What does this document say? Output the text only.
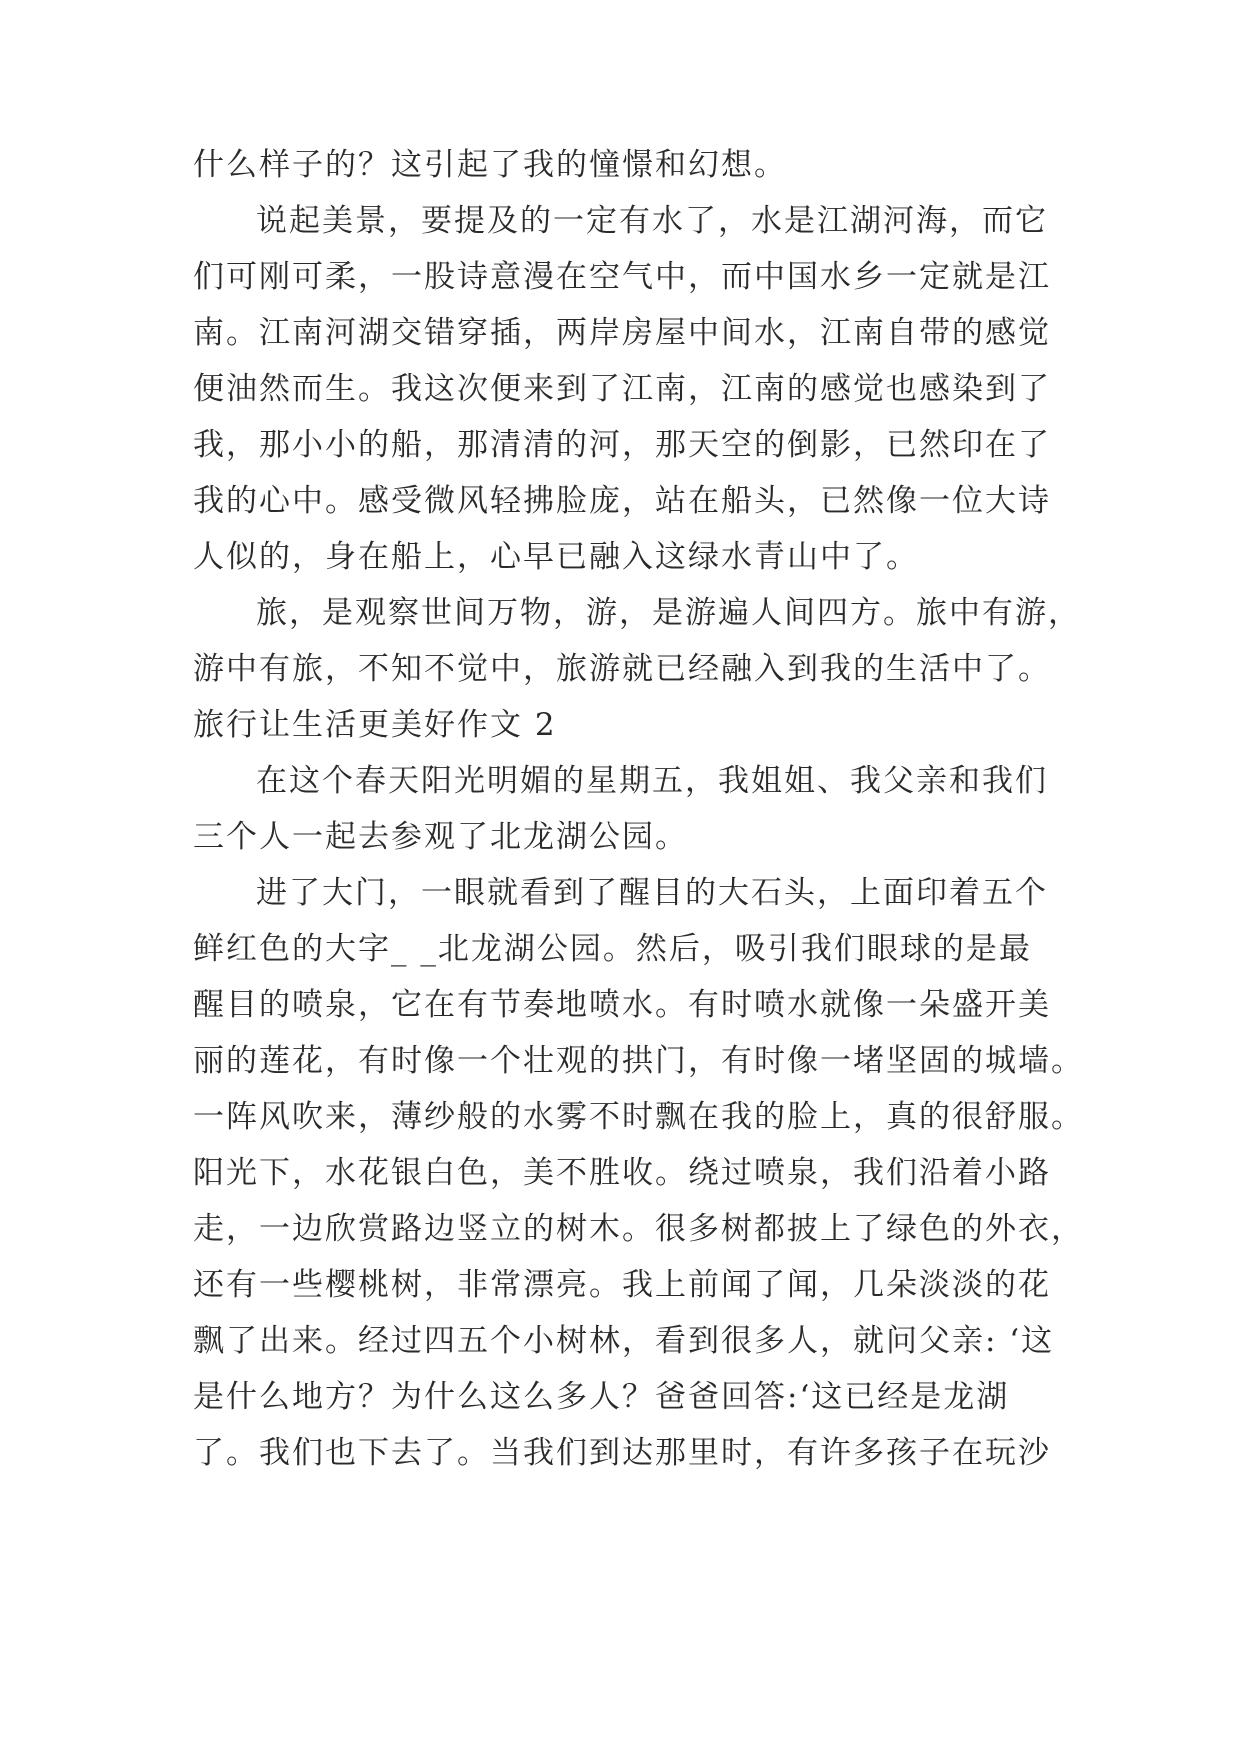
什么样子的？这引起了我的憧憬和幻想。
说起美景，要提及的一定有水了，水是江湖河海，而它
们可刚可柔，一股诗意漫在空气中，而中国水乡一定就是江
南。江南河湖交错穿插，两岸房屋中间水，江南自带的感觉
便油然而生。我这次便来到了江南，江南的感觉也感染到了
我，那小小的船，那清清的河，那天空的倒影，已然印在了
我的心中。感受微风轻拂脸庞，站在船头，已然像一位大诗
人似的，身在船上，心早已融入这绿水青山中了。
旅，是观察世间万物，游，是游遍人间四方。旅中有游，
游中有旅，不知不觉中，旅游就已经融入到我的生活中了。
旅行让生活更美好作文 2
在这个春天阳光明媚的星期五，我姐姐、我父亲和我们
三个人一起去参观了北龙湖公园。
进了大门，一眼就看到了醒目的大石头，上面印着五个
鲜红色的大字_ _北龙湖公园。然后，吸引我们眼球的是最
醒目的喷泉，它在有节奏地喷水。有时喷水就像一朵盛开美
丽的莲花，有时像一个壮观的拱门，有时像一堵坚固的城墙。
一阵风吹来，薄纱般的水雾不时飘在我的脸上，真的很舒服。
阳光下，水花银白色，美不胜收。绕过喷泉，我们沿着小路
走，一边欣赏路边竖立的树木。很多树都披上了绿色的外衣，
还有一些樱桃树，非常漂亮。我上前闻了闻，几朵淡淡的花
飘了出来。经过四五个小树林，看到很多人，就问父亲: ‘这
是什么地方？为什么这么多人？爸爸回答:‘这已经是龙湖
了。我们也下去了。当我们到达那里时，有许多孩子在玩沙
